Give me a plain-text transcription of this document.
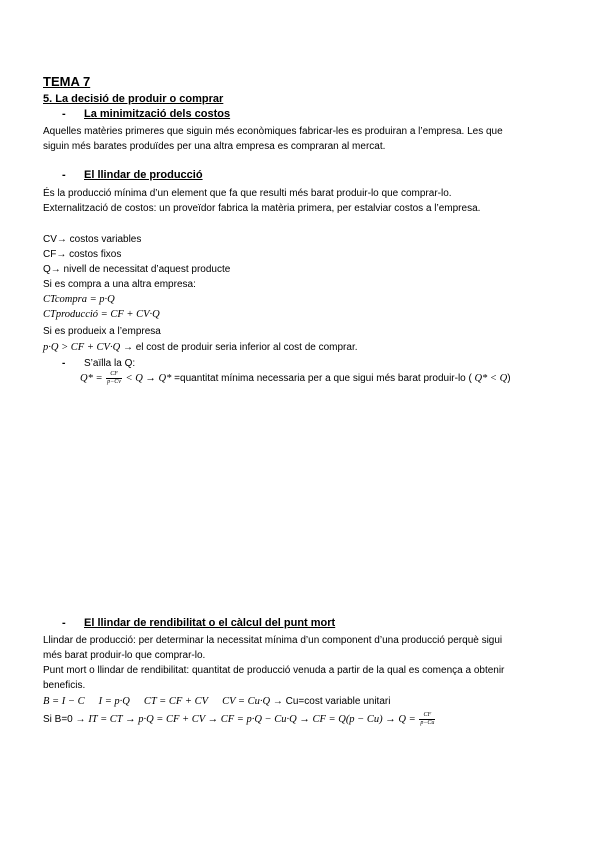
TEMA 7
5. La decisió de produir o comprar
- La minimització dels costos
Aquelles matèries primeres que siguin més econòmiques fabricar-les es produiran a l’empresa. Les que
siguin més barates produïdes per una altra empresa es compraran al mercat.
- El llindar de producció
És la producció mínima d’un element que fa que resulti més barat produir-lo que comprar-lo.
Externalització de costos: un proveïdor fabrica la matèria primera, per estalviar costos a l’empresa.
CV→ costos variables
CF→ costos fixos
Q→ nivell de necessitat d’aquest producte
Si es compra a una altra empresa:
CTcompra = p·Q
CTproducció = CF + CV·Q
Si es produeix a l’empresa
p·Q > CF + CV·Q → el cost de produir seria inferior al cost de comprar.
- S’aïlla la Q:
$Q* = \frac{CF}{p-Cv} < Q \to Q*$ =quantitat mínima necessaria per a que sigui més barat produir-lo ( Q* < Q)
- El llindar de rendibilitat o el càlcul del punt mort
Llindar de producció: per determinar la necessitat mínima d’un component d’una producció perquè sigui
més barat produir-lo que comprar-lo.
Punt mort o llindar de rendibilitat: quantitat de producció venuda a partir de la qual es comença a obtenir
beneficis.
B = I − C I = p·Q CT = CF + CV CV = Cu·Q → Cu=cost variable unitari
Si B=0 → IT = CT → p·Q = CF + CV → CF = p·Q − Cu·Q → CF = $Q(p - Cu) \to Q = \frac{CF}{p-Cu}$
